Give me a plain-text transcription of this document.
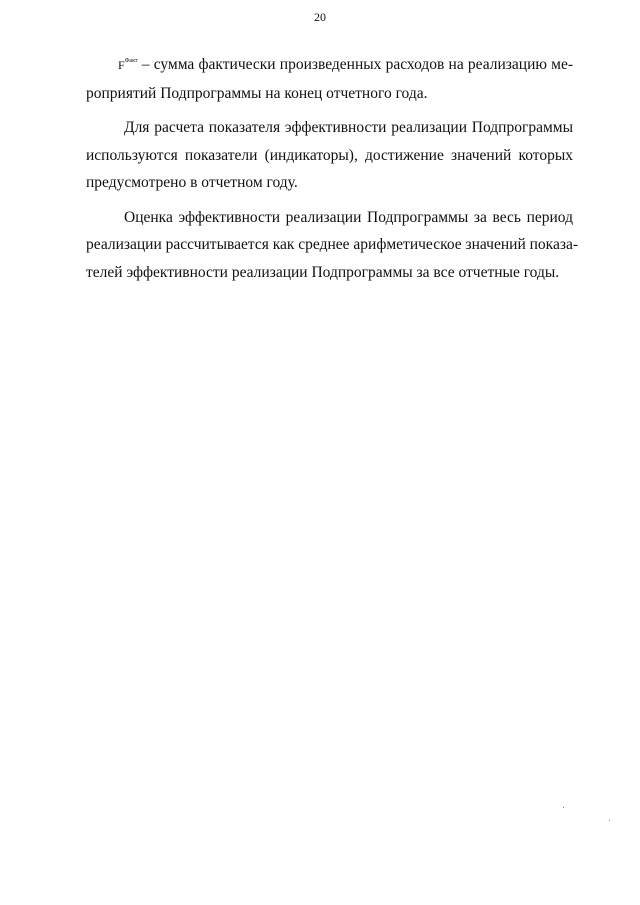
20
$F^{Факт}$ – сумма фактически произведенных расходов на реализацию ме-
роприятий Подпрограммы на конец отчетного года.
Для расчета показателя эффективности реализации Подпрограммы
используются показатели (индикаторы), достижение значений которых
предусмотрено в отчетном году.
Оценка эффективности реализации Подпрограммы за весь период
реализации рассчитывается как среднее арифметическое значений показа-
телей эффективности реализации Подпрограммы за все отчетные годы.
